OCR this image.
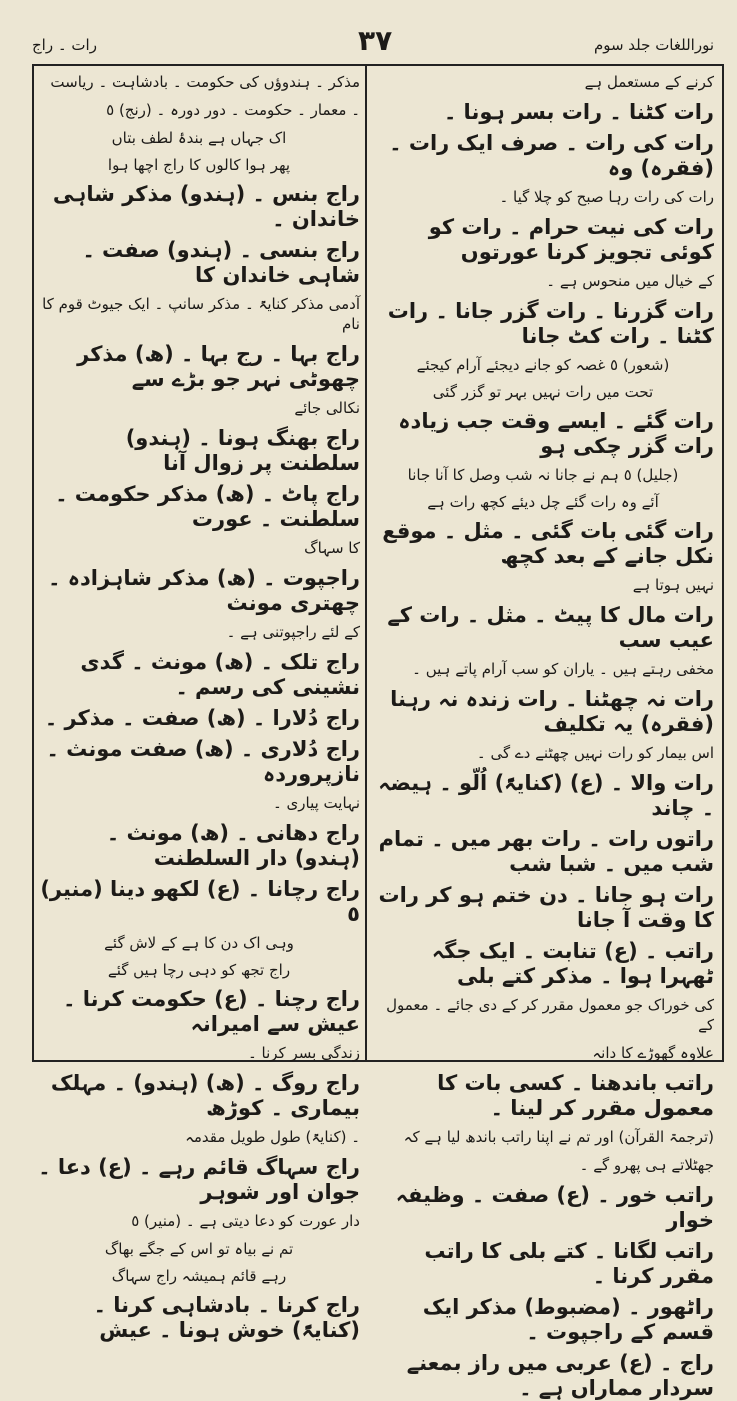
رات ۔ راج	۳۷	نوراللغات جلد سوم
کرنے کے مستعمل ہے
رات کٹنا ۔ رات بسر ہونا ۔
رات کی رات ۔ صرف ایک رات ۔ (فقرہ) وہ
رات کی رات رہا صبح کو چلا گیا ۔
رات کی نیت حرام ۔ رات کو کوئی تجویز کرنا عورتوں
کے خیال میں منحوس ہے ۔
رات گزرنا ۔ رات گزر جانا ۔ رات کٹنا ۔ رات کٹ جانا
(شعور) ٥ غصہ کو جانے دیجئے آرام کیجئے
تحت میں رات نہیں بہر تو گزر گئی
رات گئے ۔ ایسے وقت جب زیادہ رات گزر چکی ہو
(جلیل) ٥ ہم نے جانا نہ شب وصل کا آنا جانا
آئے وہ رات گئے چل دیئے کچھ رات ہے
رات گئی بات گئی ۔ مثل ۔ موقع نکل جانے کے بعد کچھ
نہیں ہوتا ہے
رات مال کا پیٹ ۔ مثل ۔ رات کے عیب سب
مخفی رہتے ہیں ۔ یاران کو سب آرام پاتے ہیں ۔
رات نہ چھٹنا ۔ رات زندہ نہ رہنا (فقرہ) یہ تکلیف
اس بیمار کو رات نہیں چھٹنے دے گی ۔
رات والا ۔ (ع) (کنایۃً) اُلّو ۔ ہیضہ ۔ چاند
راتوں رات ۔ رات بھر میں ۔ تمام شب میں ۔ شبا شب
رات ہو جانا ۔ دن ختم ہو کر رات کا وقت آ جانا
راتب ۔ (ع) تنابت ۔ ایک جگہ ٹھہرا ہوا ۔ مذکر کتے بلی
کی خوراک جو معمول مقرر کر کے دی جائے ۔ معمول کے
علاوہ گھوڑے کا دانہ
راتب باندھنا ۔ کسی بات کا معمول مقرر کر لینا ۔
(ترجمۃ القرآن) اور تم نے اپنا راتب باندھ لیا ہے کہ
جھٹلاتے ہی پھرو گے ۔
راتب خور ۔ (ع) صفت ۔ وظیفہ خوار
راتب لگانا ۔ کتے بلی کا راتب مقرر کرنا ۔
راٹھور ۔ (مضبوط) مذکر ایک قسم کے راجپوت ۔
راج ۔ (ع) عربی میں راز بمعنے سردار مماراں ہے ۔
مذکر ۔ ہندوؤں کی حکومت ۔ بادشاہت ۔ ریاست
۔ معمار ۔ حکومت ۔ دور دورہ ۔ (رنج) ٥
اک جہاں ہے بندۂ لطف بتاں
پھر ہوا کالوں کا راج اچھا ہوا
راج بنس ۔ (ہندو) مذکر شاہی خاندان ۔
راج بنسی ۔ (ہندو) صفت ۔ شاہی خاندان کا
آدمی مذکر کنایۃً ۔ مذکر سانپ ۔ ایک جیوٹ قوم کا نام
راج بہا ۔ رج بہا ۔ (ھ) مذکر چھوٹی نہر جو بڑے سے
نکالی جائے
راج بھنگ ہونا ۔ (ہندو) سلطنت پر زوال آنا
راج پاٹ ۔ (ھ) مذکر حکومت ۔ سلطنت ۔ عورت
کا سہاگ
راجپوت ۔ (ھ) مذکر شاہزادہ ۔ چھتری مونث
کے لئے راجپوتنی ہے ۔
راج تلک ۔ (ھ) مونث ۔ گدی نشینی کی رسم ۔
راج دُلارا ۔ (ھ) صفت ۔ مذکر ۔
راج دُلاری ۔ (ھ) صفت مونث ۔ نازپروردہ
نہایت پیاری ۔
راج دھانی ۔ (ھ) مونث ۔ (ہندو) دار السلطنت
راج رچانا ۔ (ع) لکھو دینا (منیر) ٥
وہی اک دن کا ہے کے لاش گئے
راج تجھ کو دہی رچا ہیں گئے
راج رچنا ۔ (ع) حکومت کرنا ۔ عیش سے امیرانہ
زندگی بسر کرنا ۔
راج روگ ۔ (ھ) (ہندو) ۔ مہلک بیماری ۔ کوڑھ
۔ (کنایۃً) طول طویل مقدمہ
راج سہاگ قائم رہے ۔ (ع) دعا ۔ جوان اور شوہر
دار عورت کو دعا دیتی ہے ۔ (منیر) ٥
تم نے بیاہ تو اس کے جگے بھاگ
رہے قائم ہمیشہ راج سہاگ
راج کرنا ۔ بادشاہی کرنا ۔ (کنایۃً) خوش ہونا ۔ عیش
